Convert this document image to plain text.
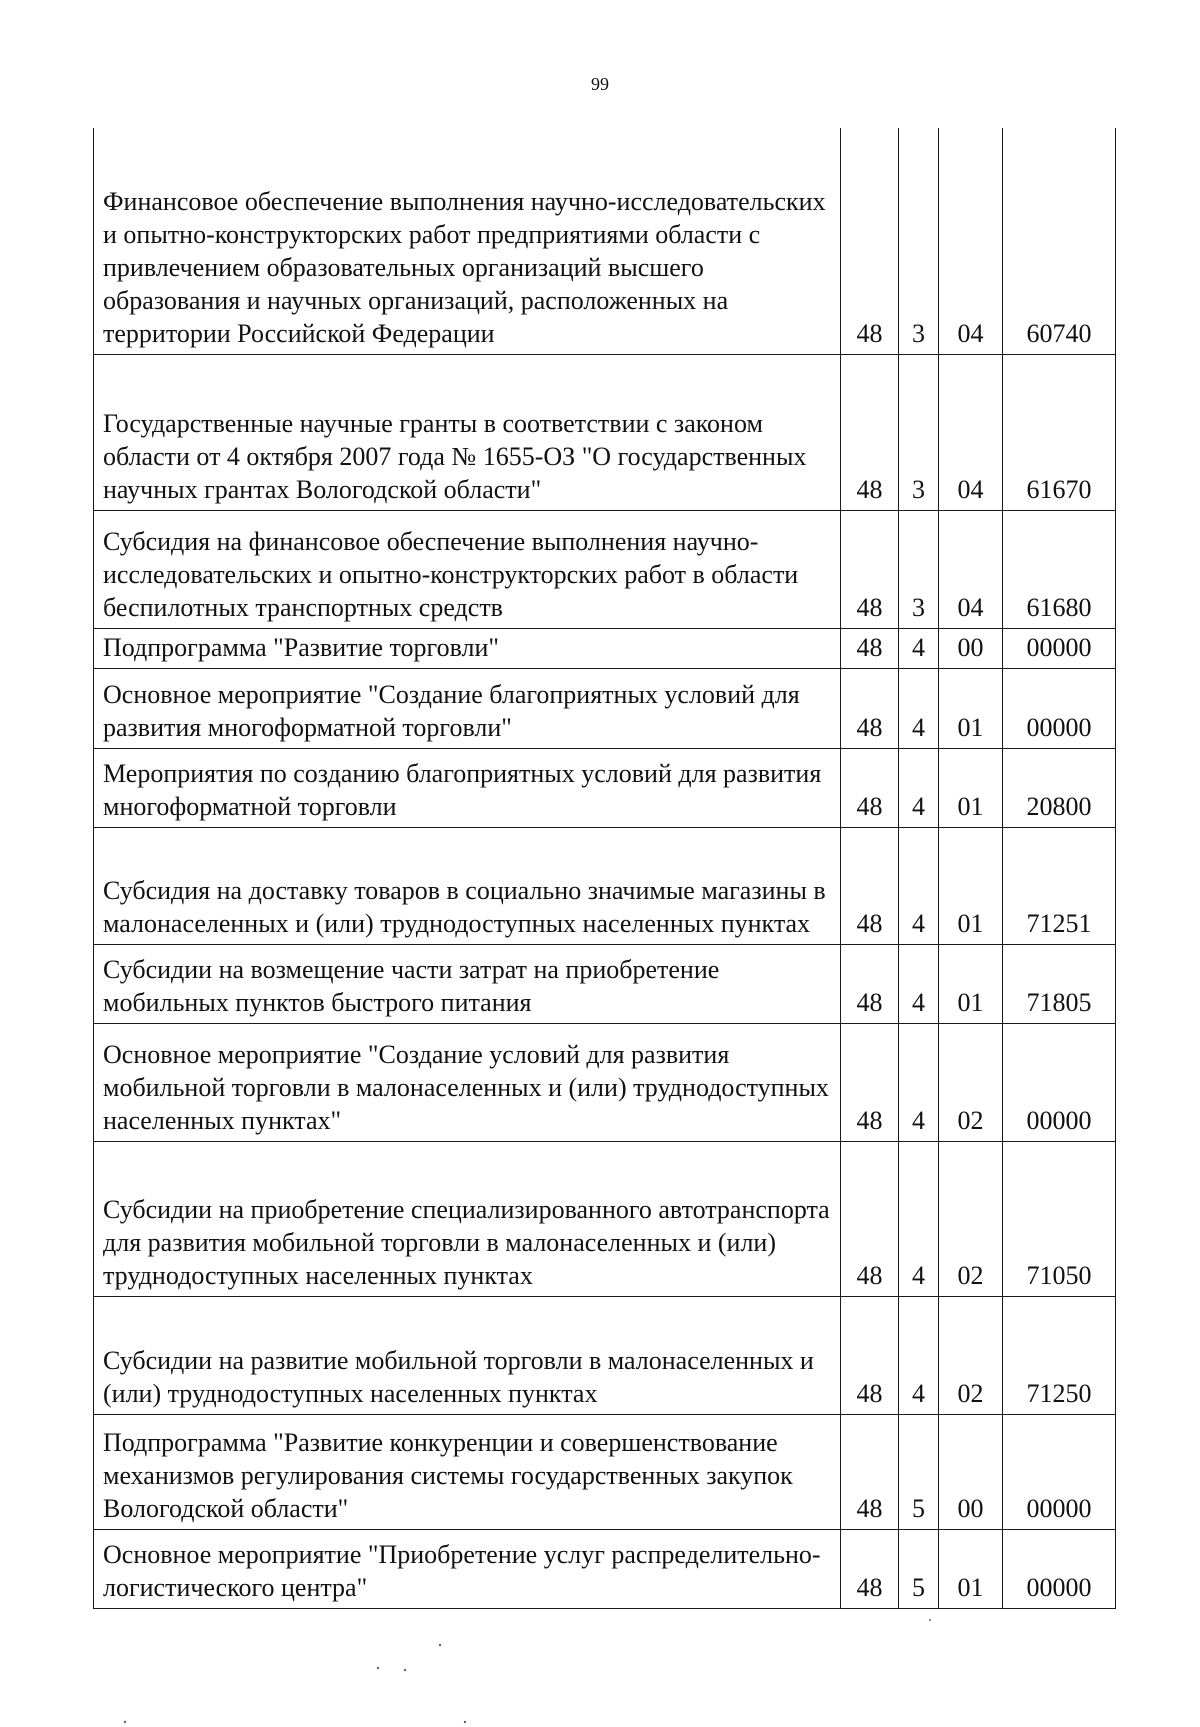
99
Финансовое обеспечение выполнения научно-исследовательских и опытно-конструкторских работ предприятиями области с привлечением образовательных организаций высшего образования и научных организаций, расположенных на территории Российской Федерации	48	3	04	60740
Государственные научные гранты в соответствии с законом области от 4 октября 2007 года № 1655-ОЗ "О государственных научных грантах Вологодской области"	48	3	04	61670
Субсидия на финансовое обеспечение выполнения научно- исследовательских и опытно-конструкторских работ в области беспилотных транспортных средств	48	3	04	61680
Подпрограмма "Развитие торговли"	48	4	00	00000
Основное мероприятие "Создание благоприятных условий для развития многоформатной торговли"	48	4	01	00000
Мероприятия по созданию благоприятных условий для развития многоформатной торговли	48	4	01	20800
Субсидия на доставку товаров в социально значимые магазины в малонаселенных и (или) труднодоступных населенных пунктах	48	4	01	71251
Субсидии на возмещение части затрат на приобретение мобильных пунктов быстрого питания	48	4	01	71805
Основное мероприятие "Создание условий для развития мобильной торговли в малонаселенных и (или) труднодоступных населенных пунктах"	48	4	02	00000
Субсидии на приобретение специализированного автотранспорта для развития мобильной торговли в малонаселенных и (или) труднодоступных населенных пунктах	48	4	02	71050
Субсидии на развитие мобильной торговли в малонаселенных и (или) труднодоступных населенных пунктах	48	4	02	71250
Подпрограмма "Развитие конкуренции и совершенствование механизмов регулирования системы государственных закупок Вологодской области"	48	5	00	00000
Основное мероприятие "Приобретение услуг распределительно-логистического центра"	48	5	01	00000
